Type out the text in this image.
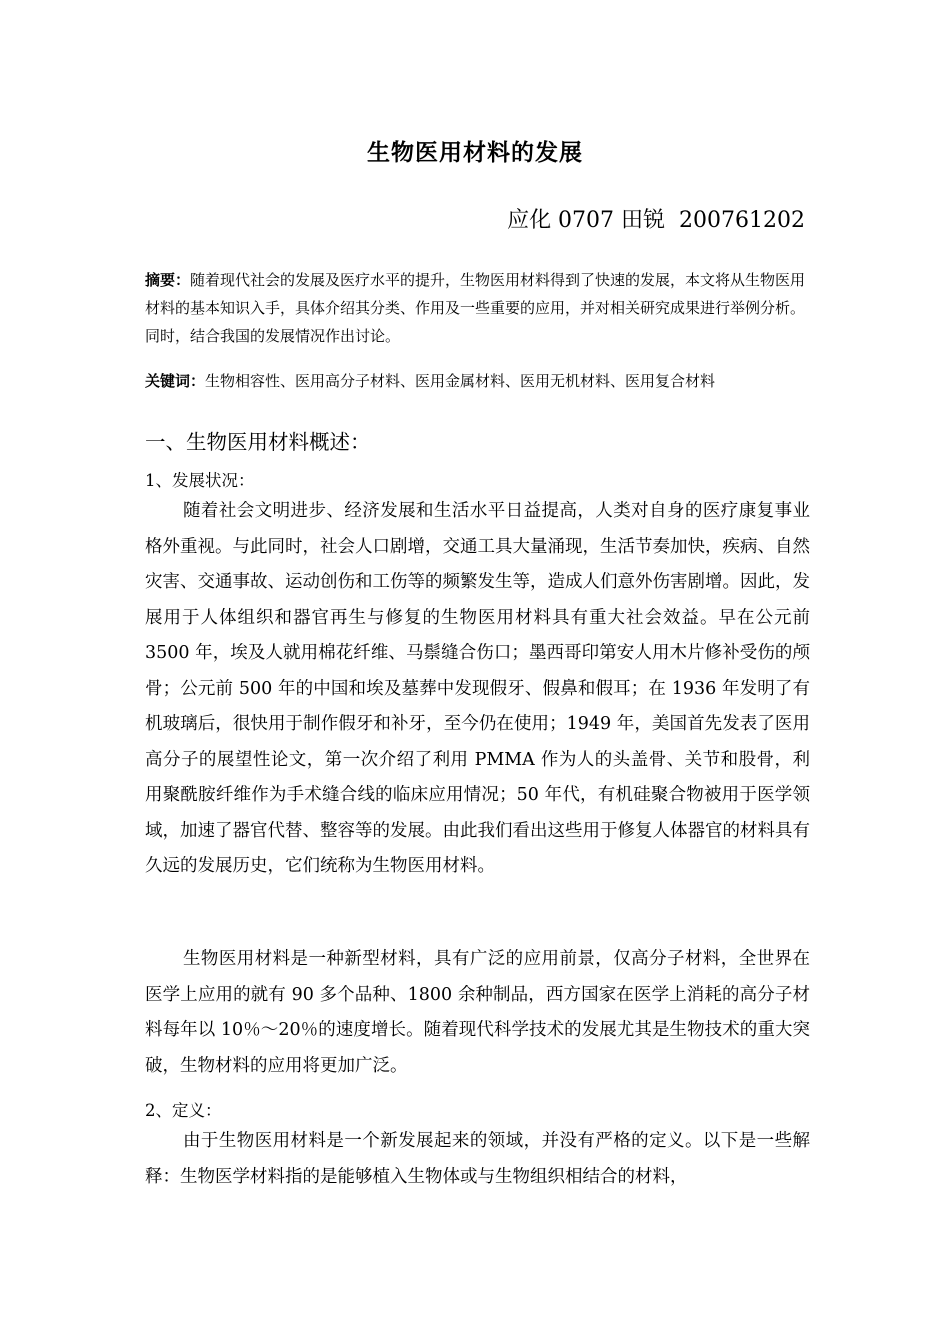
生物医用材料的发展
应化 0707 田锐  200761202
摘要：随着现代社会的发展及医疗水平的提升，生物医用材料得到了快速的发展，本文将从生物医用材料的基本知识入手，具体介绍其分类、作用及一些重要的应用，并对相关研究成果进行举例分析。同时，结合我国的发展情况作出讨论。
关键词：生物相容性、医用高分子材料、医用金属材料、医用无机材料、医用复合材料
一、生物医用材料概述：
1、发展状况：
随着社会文明进步、经济发展和生活水平日益提高，人类对自身的医疗康复事业格外重视。与此同时，社会人口剧增，交通工具大量涌现，生活节奏加快，疾病、自然灾害、交通事故、运动创伤和工伤等的频繁发生等，造成人们意外伤害剧增。因此，发展用于人体组织和器官再生与修复的生物医用材料具有重大社会效益。早在公元前 3500 年，埃及人就用棉花纤维、马鬃缝合伤口；墨西哥印第安人用木片修补受伤的颅骨；公元前 500 年的中国和埃及墓葬中发现假牙、假鼻和假耳；在 1936 年发明了有机玻璃后，很快用于制作假牙和补牙，至今仍在使用；1949 年，美国首先发表了医用高分子的展望性论文，第一次介绍了利用 PMMA 作为人的头盖骨、关节和股骨，利用聚酰胺纤维作为手术缝合线的临床应用情况；50 年代，有机硅聚合物被用于医学领域，加速了器官代替、整容等的发展。由此我们看出这些用于修复人体器官的材料具有久远的发展历史，它们统称为生物医用材料。
生物医用材料是一种新型材料，具有广泛的应用前景，仅高分子材料，全世界在医学上应用的就有 90 多个品种、1800 余种制品，西方国家在医学上消耗的高分子材料每年以 10％～20％的速度增长。随着现代科学技术的发展尤其是生物技术的重大突破，生物材料的应用将更加广泛。
2、定义：
由于生物医用材料是一个新发展起来的领域，并没有严格的定义。以下是一些解释：生物医学材料指的是能够植入生物体或与生物组织相结合的材料，
